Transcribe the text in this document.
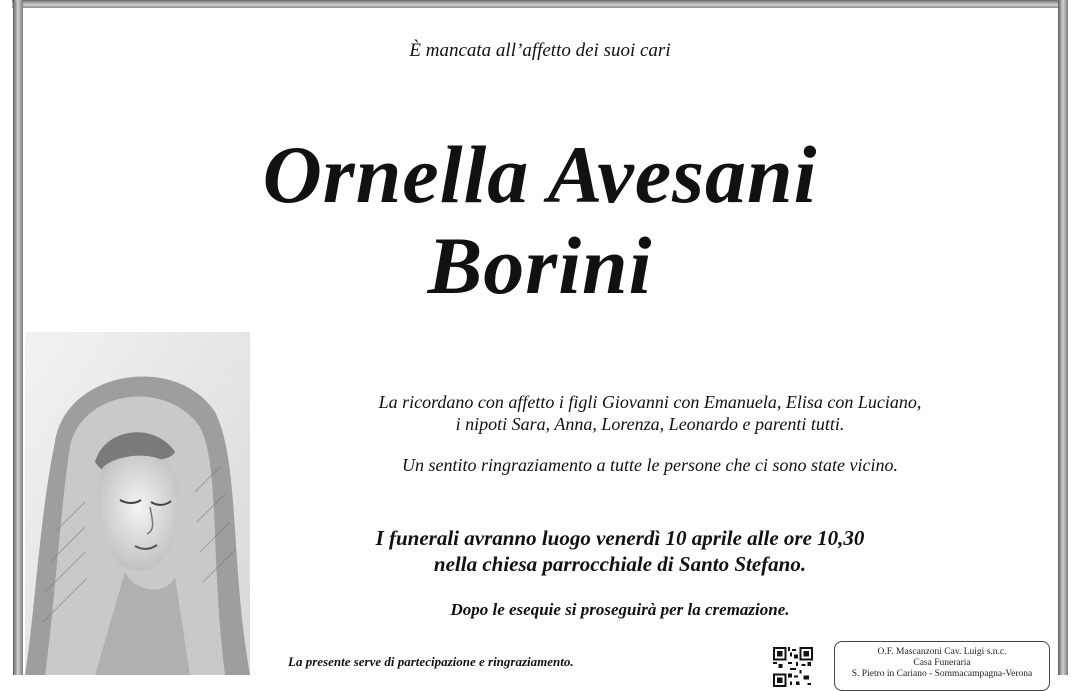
È mancata all’affetto dei suoi cari
Ornella Avesani
Borini
La ricordano con affetto i figli Giovanni con Emanuela, Elisa con Luciano,
i nipoti Sara, Anna, Lorenza, Leonardo e parenti tutti.
Un sentito ringraziamento a tutte le persone che ci sono state vicino.
I funerali avranno luogo venerdì 10 aprile alle ore 10,30
nella chiesa parrocchiale di Santo Stefano.
Dopo le esequie si proseguirà per la cremazione.
La presente serve di partecipazione e ringraziamento.
O.F. Mascanzoni Cav. Luigi s.n.c.
Casa Funeraria
S. Pietro in Cariano - Sommacampagna-Verona
